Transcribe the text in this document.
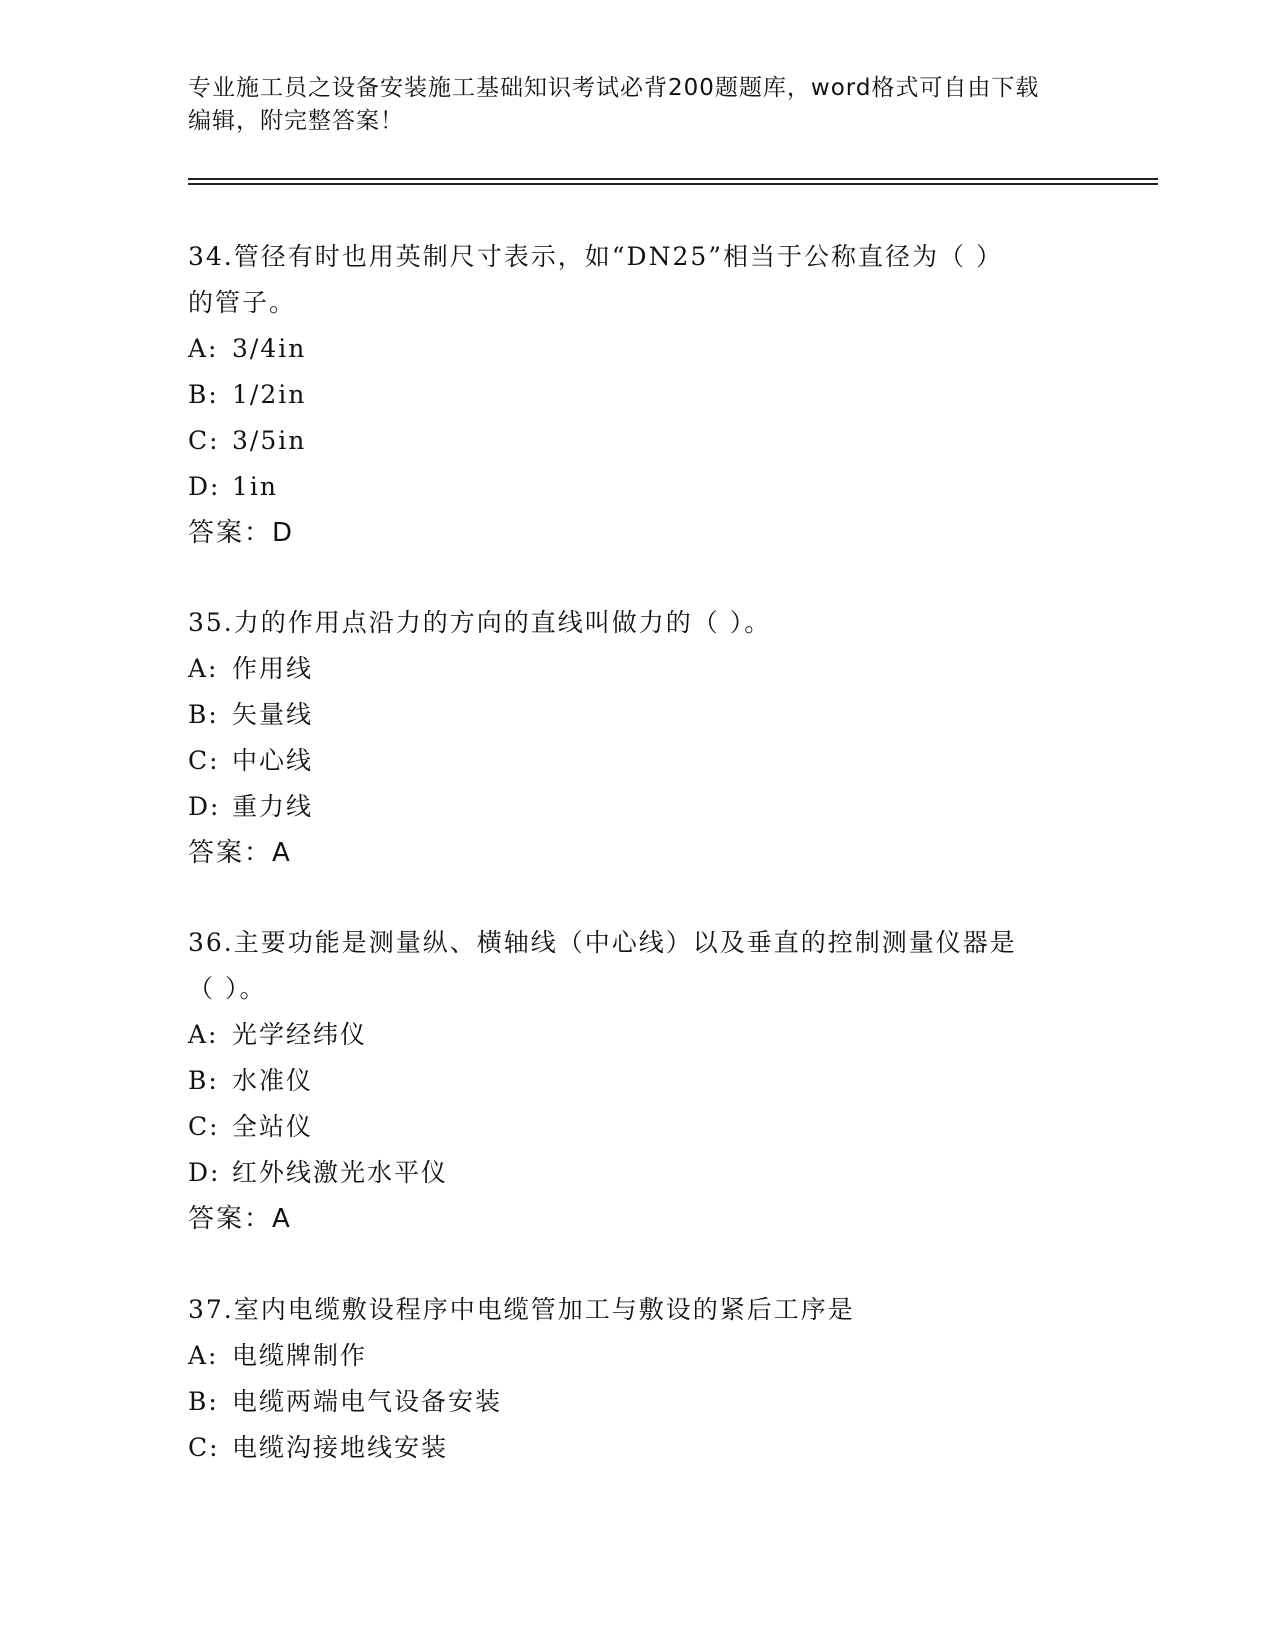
专业施工员之设备安装施工基础知识考试必背200题题库，word格式可自由下载
编辑，附完整答案！
34.管径有时也用英制尺寸表示，如“DN25”相当于公称直径为（ ）
的管子。
A: 3/4in
B: 1/2in
C: 3/5in
D: 1in
答案：D
35.力的作用点沿力的方向的直线叫做力的（ ）。
A: 作用线
B: 矢量线
C: 中心线
D: 重力线
答案：A
36.主要功能是测量纵、横轴线（中心线）以及垂直的控制测量仪器是
（ ）。
A: 光学经纬仪
B: 水准仪
C: 全站仪
D: 红外线激光水平仪
答案：A
37.室内电缆敷设程序中电缆管加工与敷设的紧后工序是
A: 电缆牌制作
B: 电缆两端电气设备安装
C: 电缆沟接地线安装
